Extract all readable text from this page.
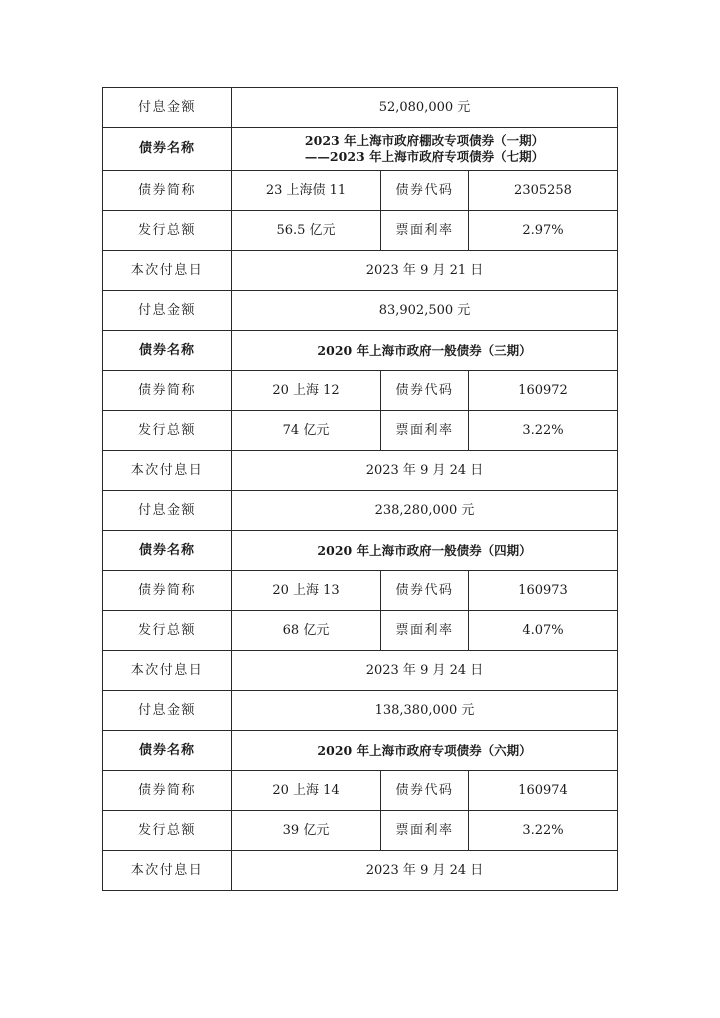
付息金额	52,080,000 元		
债券名称	2023 年上海市政府棚改专项债券（一期）
——2023 年上海市政府专项债券（七期）		

债券简称	23 上海债 11	债券代码	2305258
发行总额	56.5 亿元	票面利率	2.97%
本次付息日	2023 年 9 月 21 日		
付息金额	83,902,500 元		
债券名称	2020 年上海市政府一般债券（三期）		

债券简称	20 上海 12	债券代码	160972
发行总额	74 亿元	票面利率	3.22%
本次付息日	2023 年 9 月 24 日		
付息金额	238,280,000 元		
债券名称	2020 年上海市政府一般债券（四期）		

债券简称	20 上海 13	债券代码	160973
发行总额	68 亿元	票面利率	4.07%
本次付息日	2023 年 9 月 24 日		
付息金额	138,380,000 元		
债券名称	2020 年上海市政府专项债券（六期）		

债券简称	20 上海 14	债券代码	160974
发行总额	39 亿元	票面利率	3.22%
本次付息日	2023 年 9 月 24 日		
